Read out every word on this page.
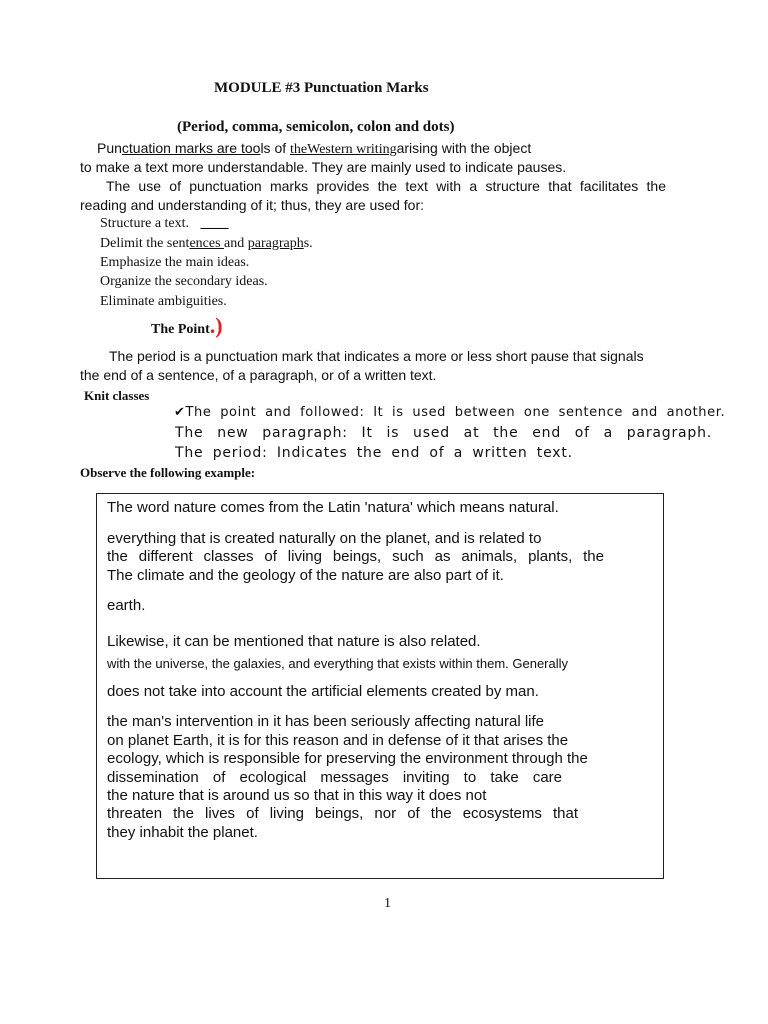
MODULE #3 Punctuation Marks
(Period, comma, semicolon, colon and dots)
Punctuation marks are tools of theWestern writingarising with the object
to make a text more understandable. They are mainly used to indicate pauses.
The use of punctuation marks provides the text with a structure that facilitates the
reading and understanding of it; thus, they are used for:
Structure a text. ____
Delimit the sentences and paragraphs.
Emphasize the main ideas.
Organize the secondary ideas.
Eliminate ambiguities.
The Point.)
The period is a punctuation mark that indicates a more or less short pause that signals
the end of a sentence, of a paragraph, or of a written text.
Knit classes
✔The point and followed: It is used between one sentence and another.
The new paragraph: It is used at the end of a paragraph.
The period: Indicates the end of a written text.
Observe the following example:
The word nature comes from the Latin 'natura' which means natural.
everything that is created naturally on the planet, and is related to
the different classes of living beings, such as animals, plants, the
The climate and the geology of the nature are also part of it.
earth.
Likewise, it can be mentioned that nature is also related.
with the universe, the galaxies, and everything that exists within them. Generally
does not take into account the artificial elements created by man.
the man's intervention in it has been seriously affecting natural life
on planet Earth, it is for this reason and in defense of it that arises the
ecology, which is responsible for preserving the environment through the
dissemination of ecological messages inviting to take care
the nature that is around us so that in this way it does not
threaten the lives of living beings, nor of the ecosystems that
they inhabit the planet.
1
